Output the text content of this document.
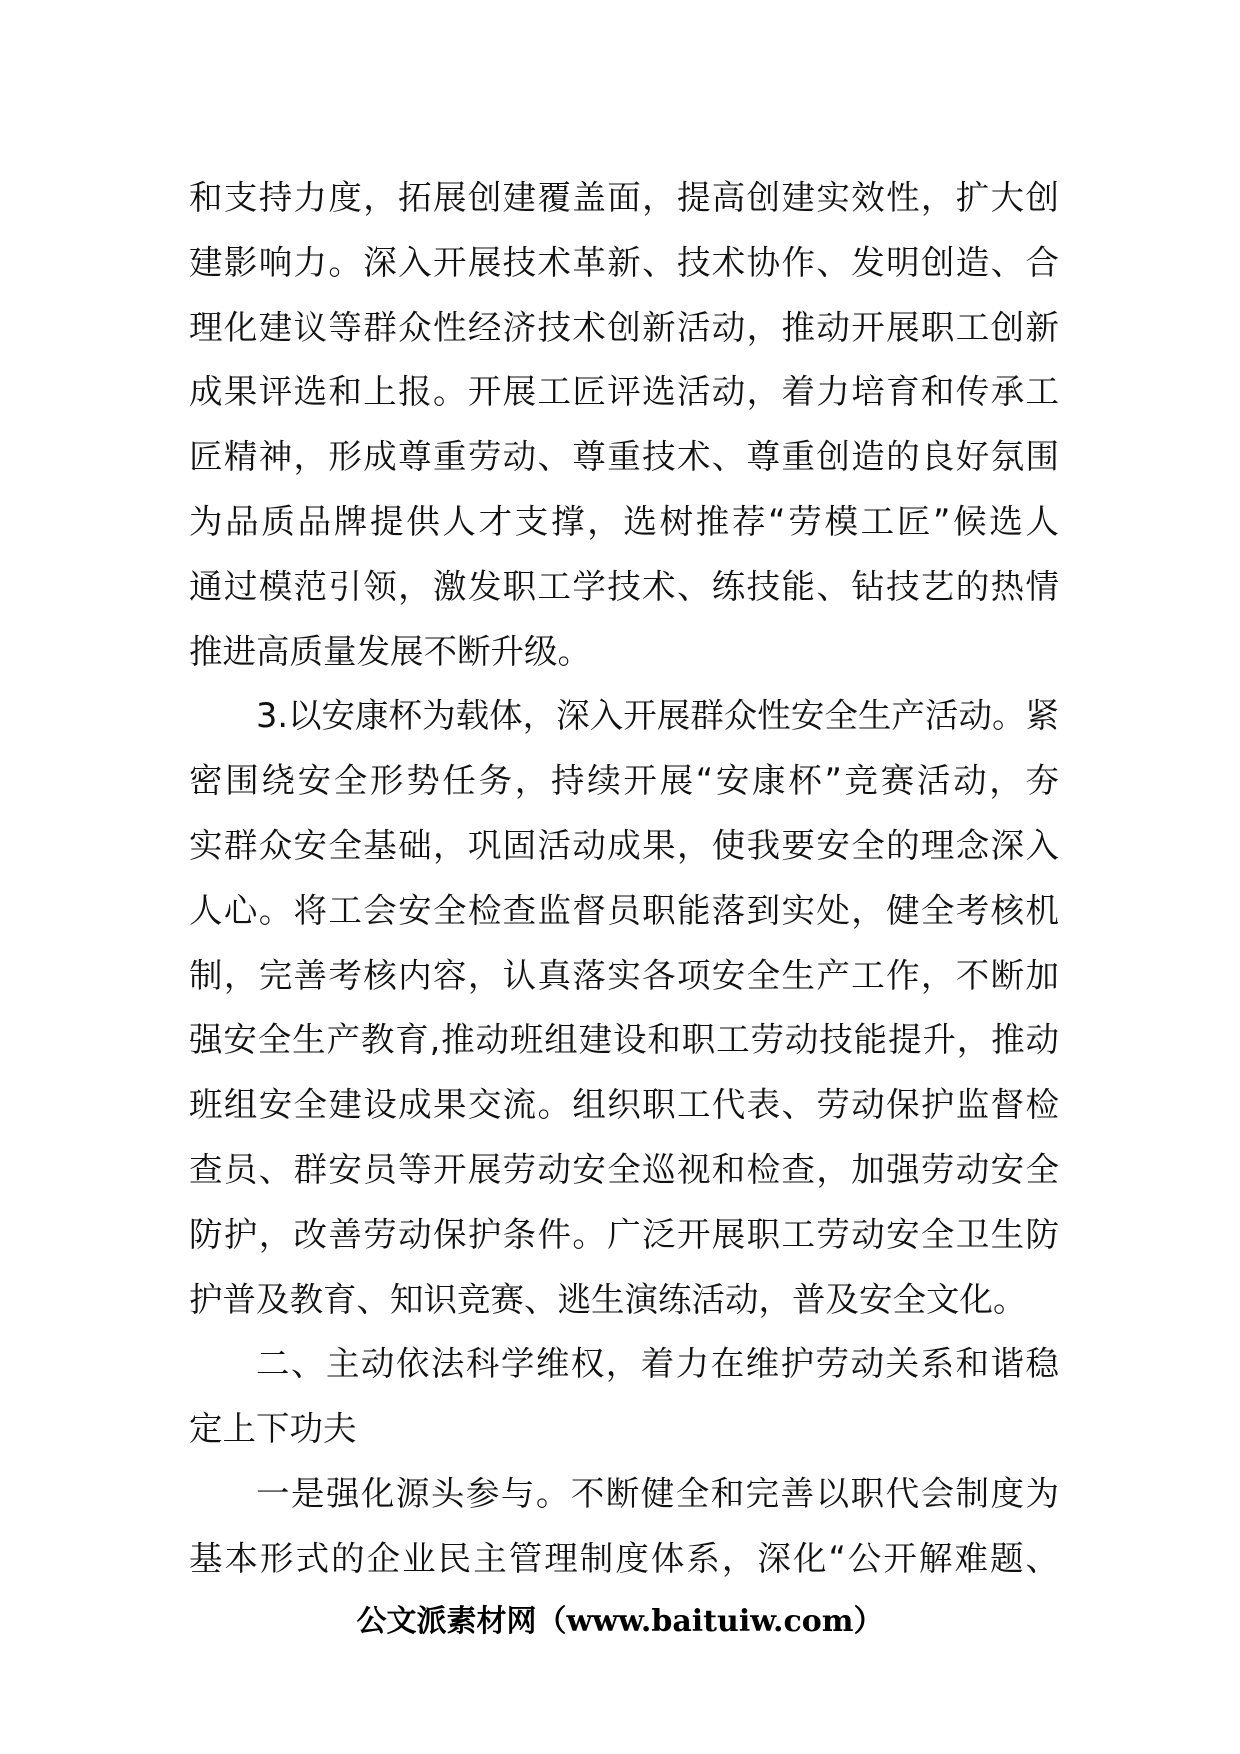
和支持力度，拓展创建覆盖面，提高创建实效性，扩大创
建影响力。深入开展技术革新、技术协作、发明创造、合
理化建议等群众性经济技术创新活动，推动开展职工创新
成果评选和上报。开展工匠评选活动，着力培育和传承工
匠精神，形成尊重劳动、尊重技术、尊重创造的良好氛围
为品质品牌提供人才支撑，选树推荐“劳模工匠”候选人
通过模范引领，激发职工学技术、练技能、钻技艺的热情
推进高质量发展不断升级。
3.以安康杯为载体，深入开展群众性安全生产活动。紧
密围绕安全形势任务，持续开展“安康杯”竞赛活动，夯
实群众安全基础，巩固活动成果，使我要安全的理念深入
人心。将工会安全检查监督员职能落到实处，健全考核机
制，完善考核内容，认真落实各项安全生产工作，不断加
强安全生产教育,推动班组建设和职工劳动技能提升，推动
班组安全建设成果交流。组织职工代表、劳动保护监督检
查员、群安员等开展劳动安全巡视和检查，加强劳动安全
防护，改善劳动保护条件。广泛开展职工劳动安全卫生防
护普及教育、知识竞赛、逃生演练活动，普及安全文化。
二、主动依法科学维权，着力在维护劳动关系和谐稳
定上下功夫
一是强化源头参与。不断健全和完善以职代会制度为
基本形式的企业民主管理制度体系，深化“公开解难题、
公文派素材网（www.baituiw.com）
